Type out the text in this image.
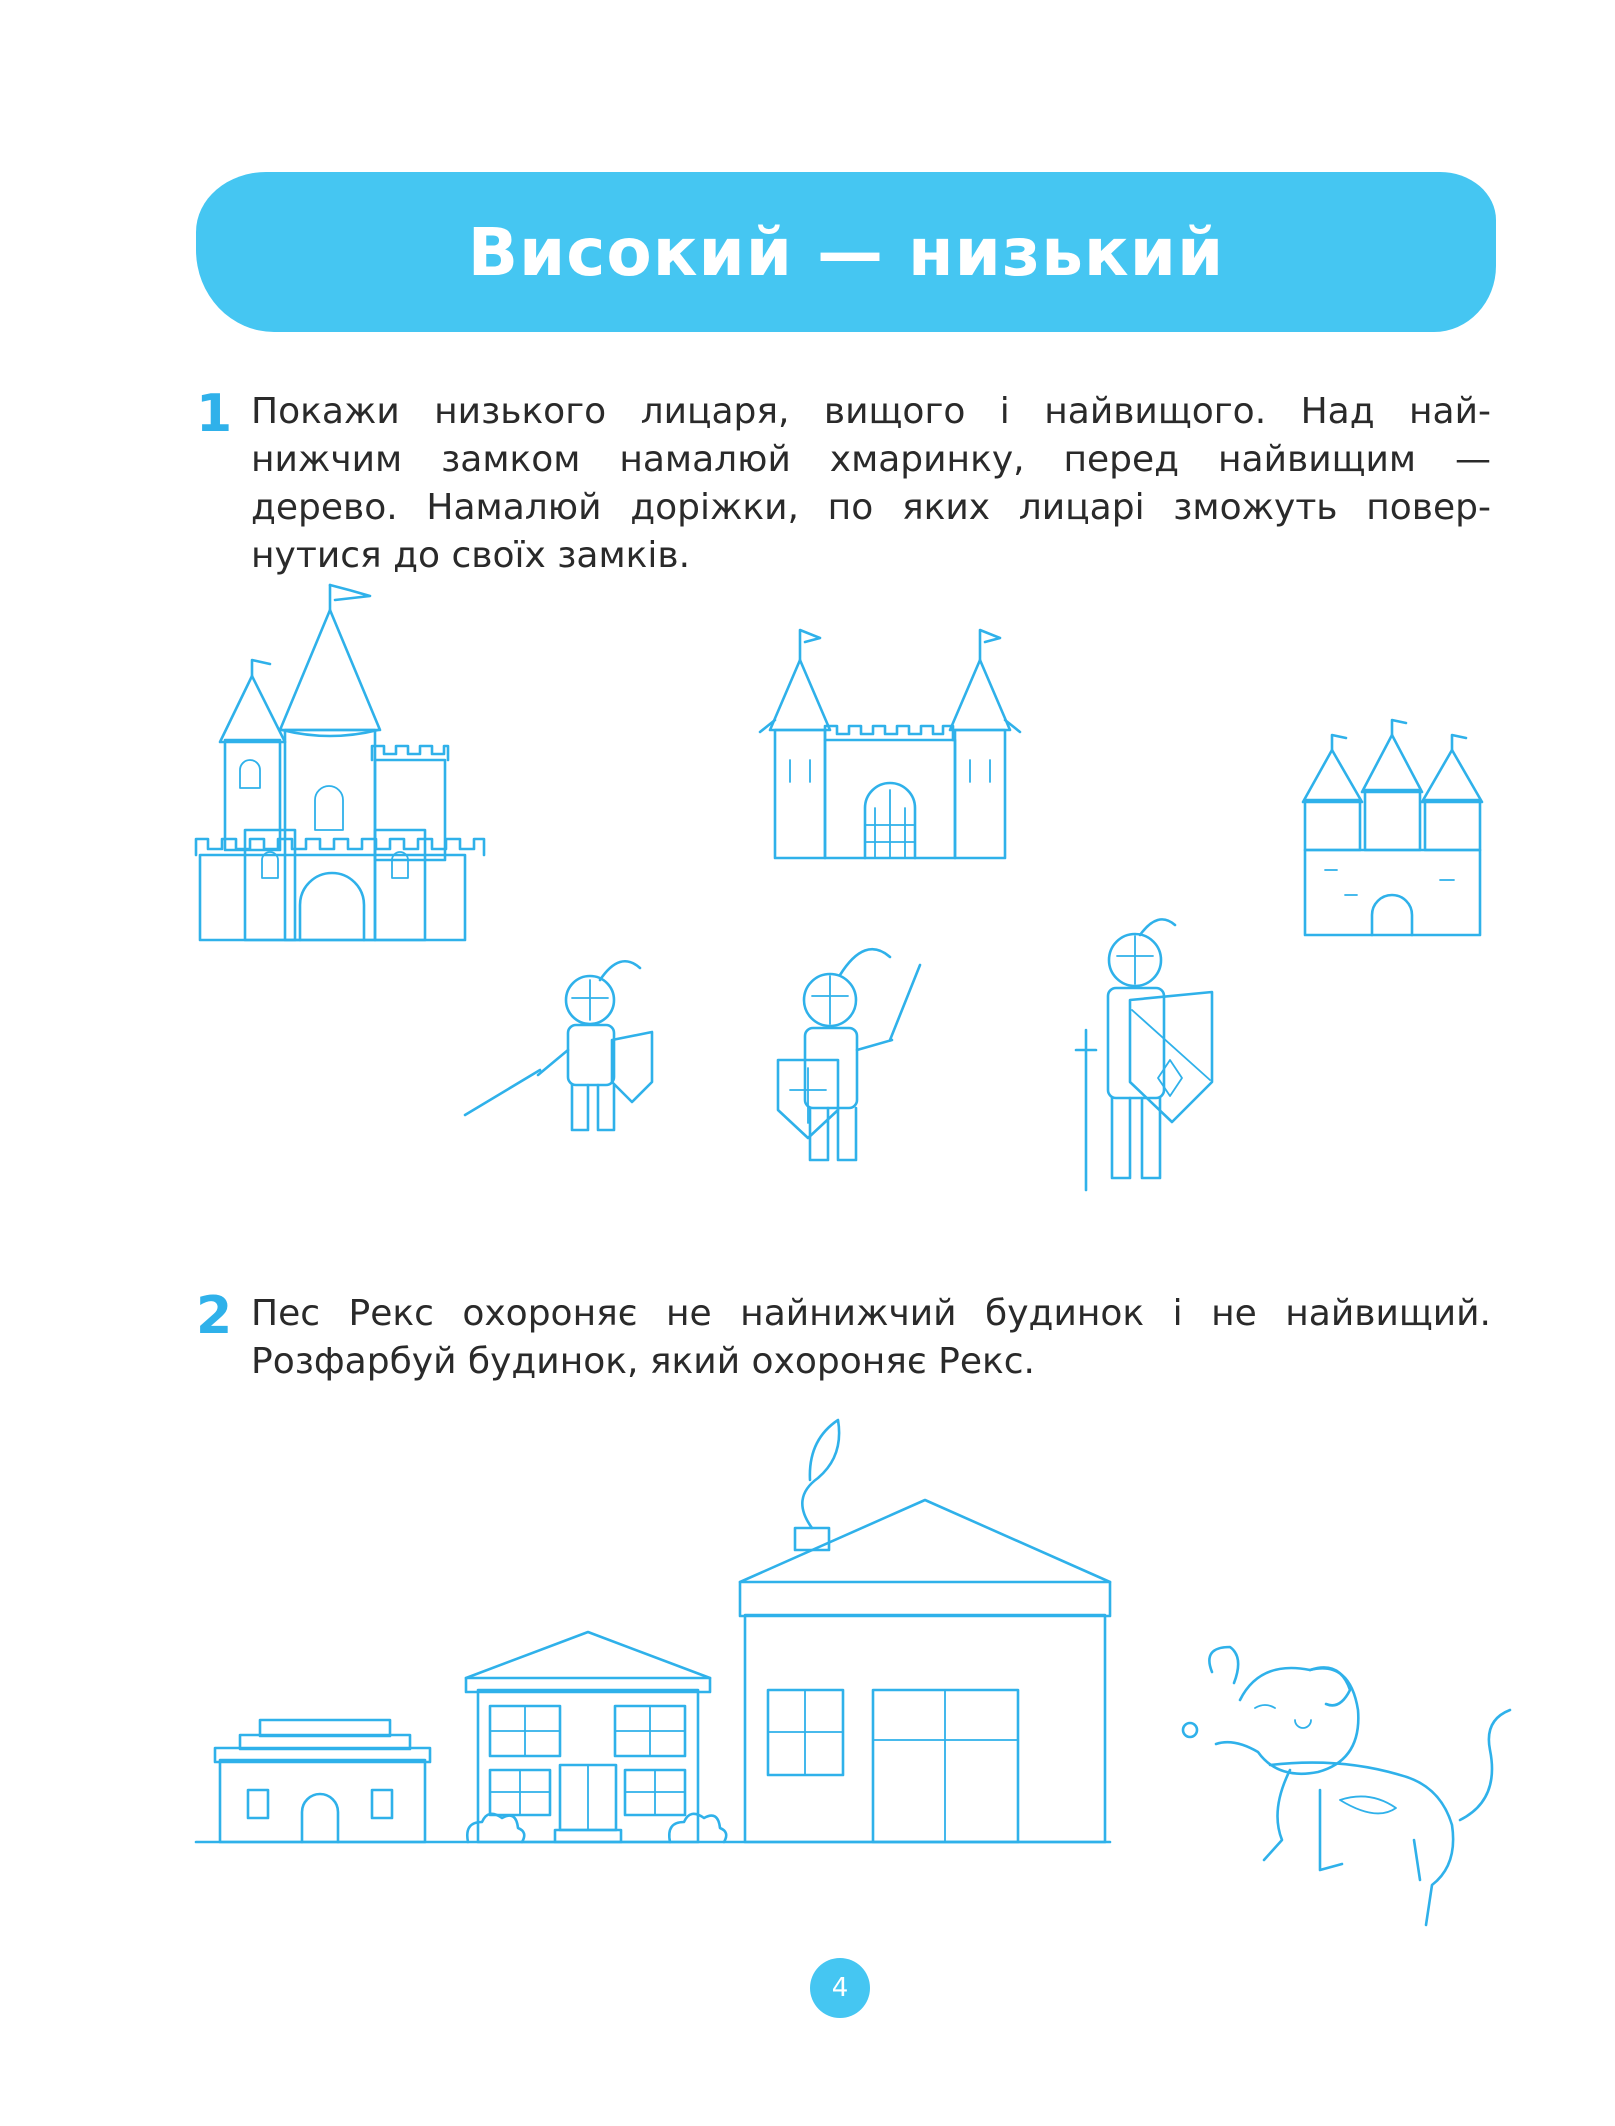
Високий — низький
1 Покажи низького лицаря, вищого і найвищого. Над най-
нижчим замком намалюй хмаринку, перед найвищим —
дерево. Намалюй доріжки, по яких лицарі зможуть повер-
нутися до своїх замків.

2 Пес Рекс охороняє не найнижчий будинок і не найвищий.
Розфарбуй будинок, який охороняє Рекс.

4
